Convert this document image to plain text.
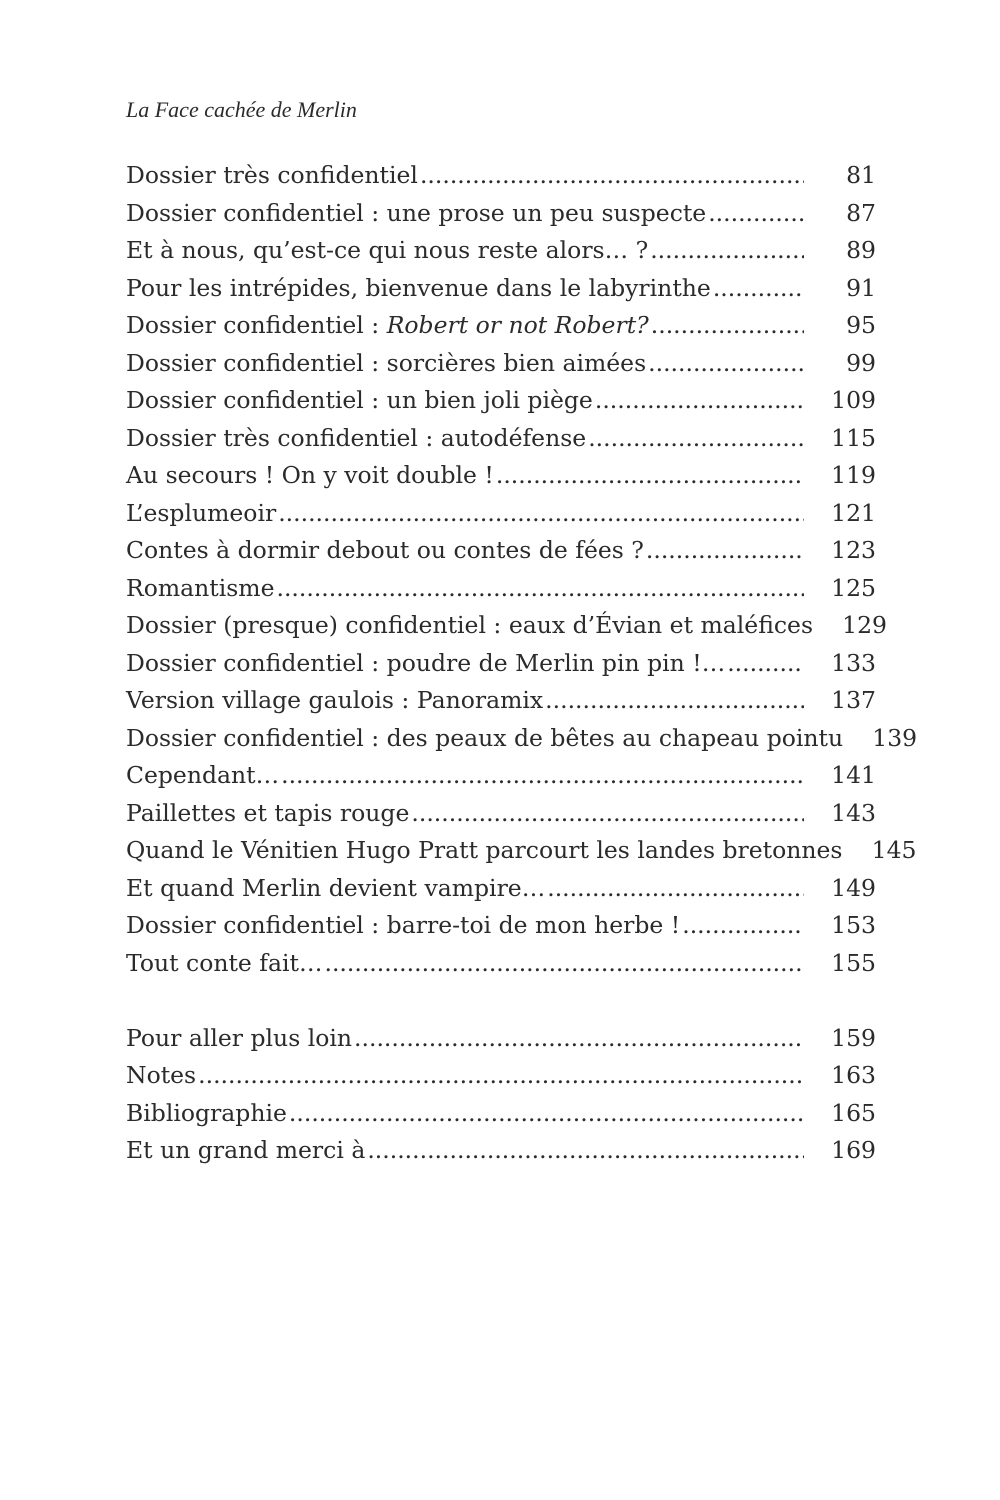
La Face cachée de Merlin
Dossier très confidentiel .....	81
Dossier confidentiel : une prose un peu suspecte .....	87
Et à nous, qu’est-ce qui nous reste alors… ? .....	89
Pour les intrépides, bienvenue dans le labyrinthe .....	91
Dossier confidentiel : Robert or not Robert? .....	95
Dossier confidentiel : sorcières bien aimées .....	99
Dossier confidentiel : un bien joli piège .....	109
Dossier très confidentiel : autodéfense .....	115
Au secours ! On y voit double ! .....	119
L’esplumeoir .....	121
Contes à dormir debout ou contes de fées ? .....	123
Romantisme .....	125
Dossier (presque) confidentiel : eaux d’Évian et maléfices	129
Dossier confidentiel : poudre de Merlin pin pin !… .....	133
Version village gaulois : Panoramix .....	137
Dossier confidentiel : des peaux de bêtes au chapeau pointu	139
Cependant… .....	141
Paillettes et tapis rouge .....	143
Quand le Vénitien Hugo Pratt parcourt les landes bretonnes	145
Et quand Merlin devient vampire… .....	149
Dossier confidentiel : barre-toi de mon herbe ! .....	153
Tout conte fait… .....	155
Pour aller plus loin .....	159
Notes .....	163
Bibliographie .....	165
Et un grand merci à .....	169
